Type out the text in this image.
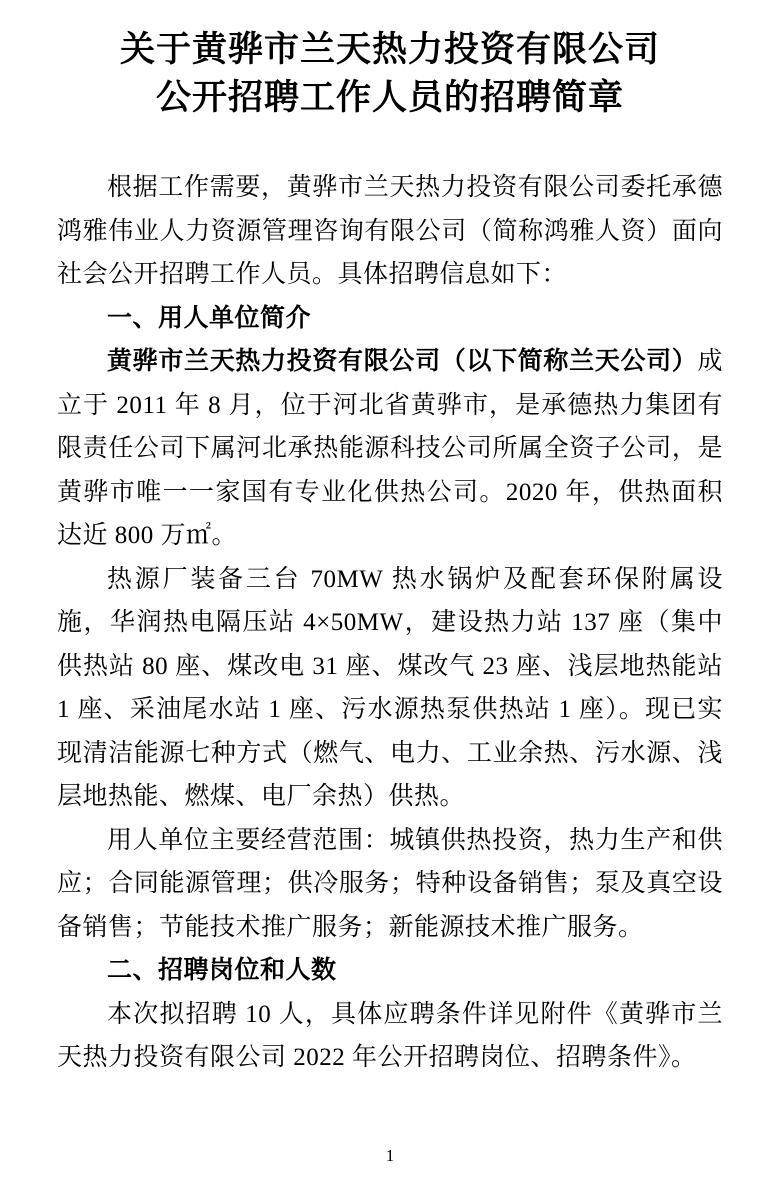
关于黄骅市兰天热力投资有限公司
公开招聘工作人员的招聘简章

根据工作需要，黄骅市兰天热力投资有限公司委托承德鸿雅伟业人力资源管理咨询有限公司（简称鸿雅人资）面向社会公开招聘工作人员。具体招聘信息如下：

一、用人单位简介

黄骅市兰天热力投资有限公司（以下简称兰天公司）成立于 2011 年 8 月，位于河北省黄骅市，是承德热力集团有限责任公司下属河北承热能源科技公司所属全资子公司，是黄骅市唯一一家国有专业化供热公司。2020 年，供热面积达近 800 万㎡。

热源厂装备三台 70MW 热水锅炉及配套环保附属设施，华润热电隔压站 4×50MW，建设热力站 137 座（集中供热站 80 座、煤改电 31 座、煤改气 23 座、浅层地热能站 1 座、采油尾水站 1 座、污水源热泵供热站 1 座）。现已实现清洁能源七种方式（燃气、电力、工业余热、污水源、浅层地热能、燃煤、电厂余热）供热。

用人单位主要经营范围：城镇供热投资，热力生产和供应；合同能源管理；供冷服务；特种设备销售；泵及真空设备销售；节能技术推广服务；新能源技术推广服务。

二、招聘岗位和人数

本次拟招聘 10 人，具体应聘条件详见附件《黄骅市兰天热力投资有限公司 2022 年公开招聘岗位、招聘条件》。

1
